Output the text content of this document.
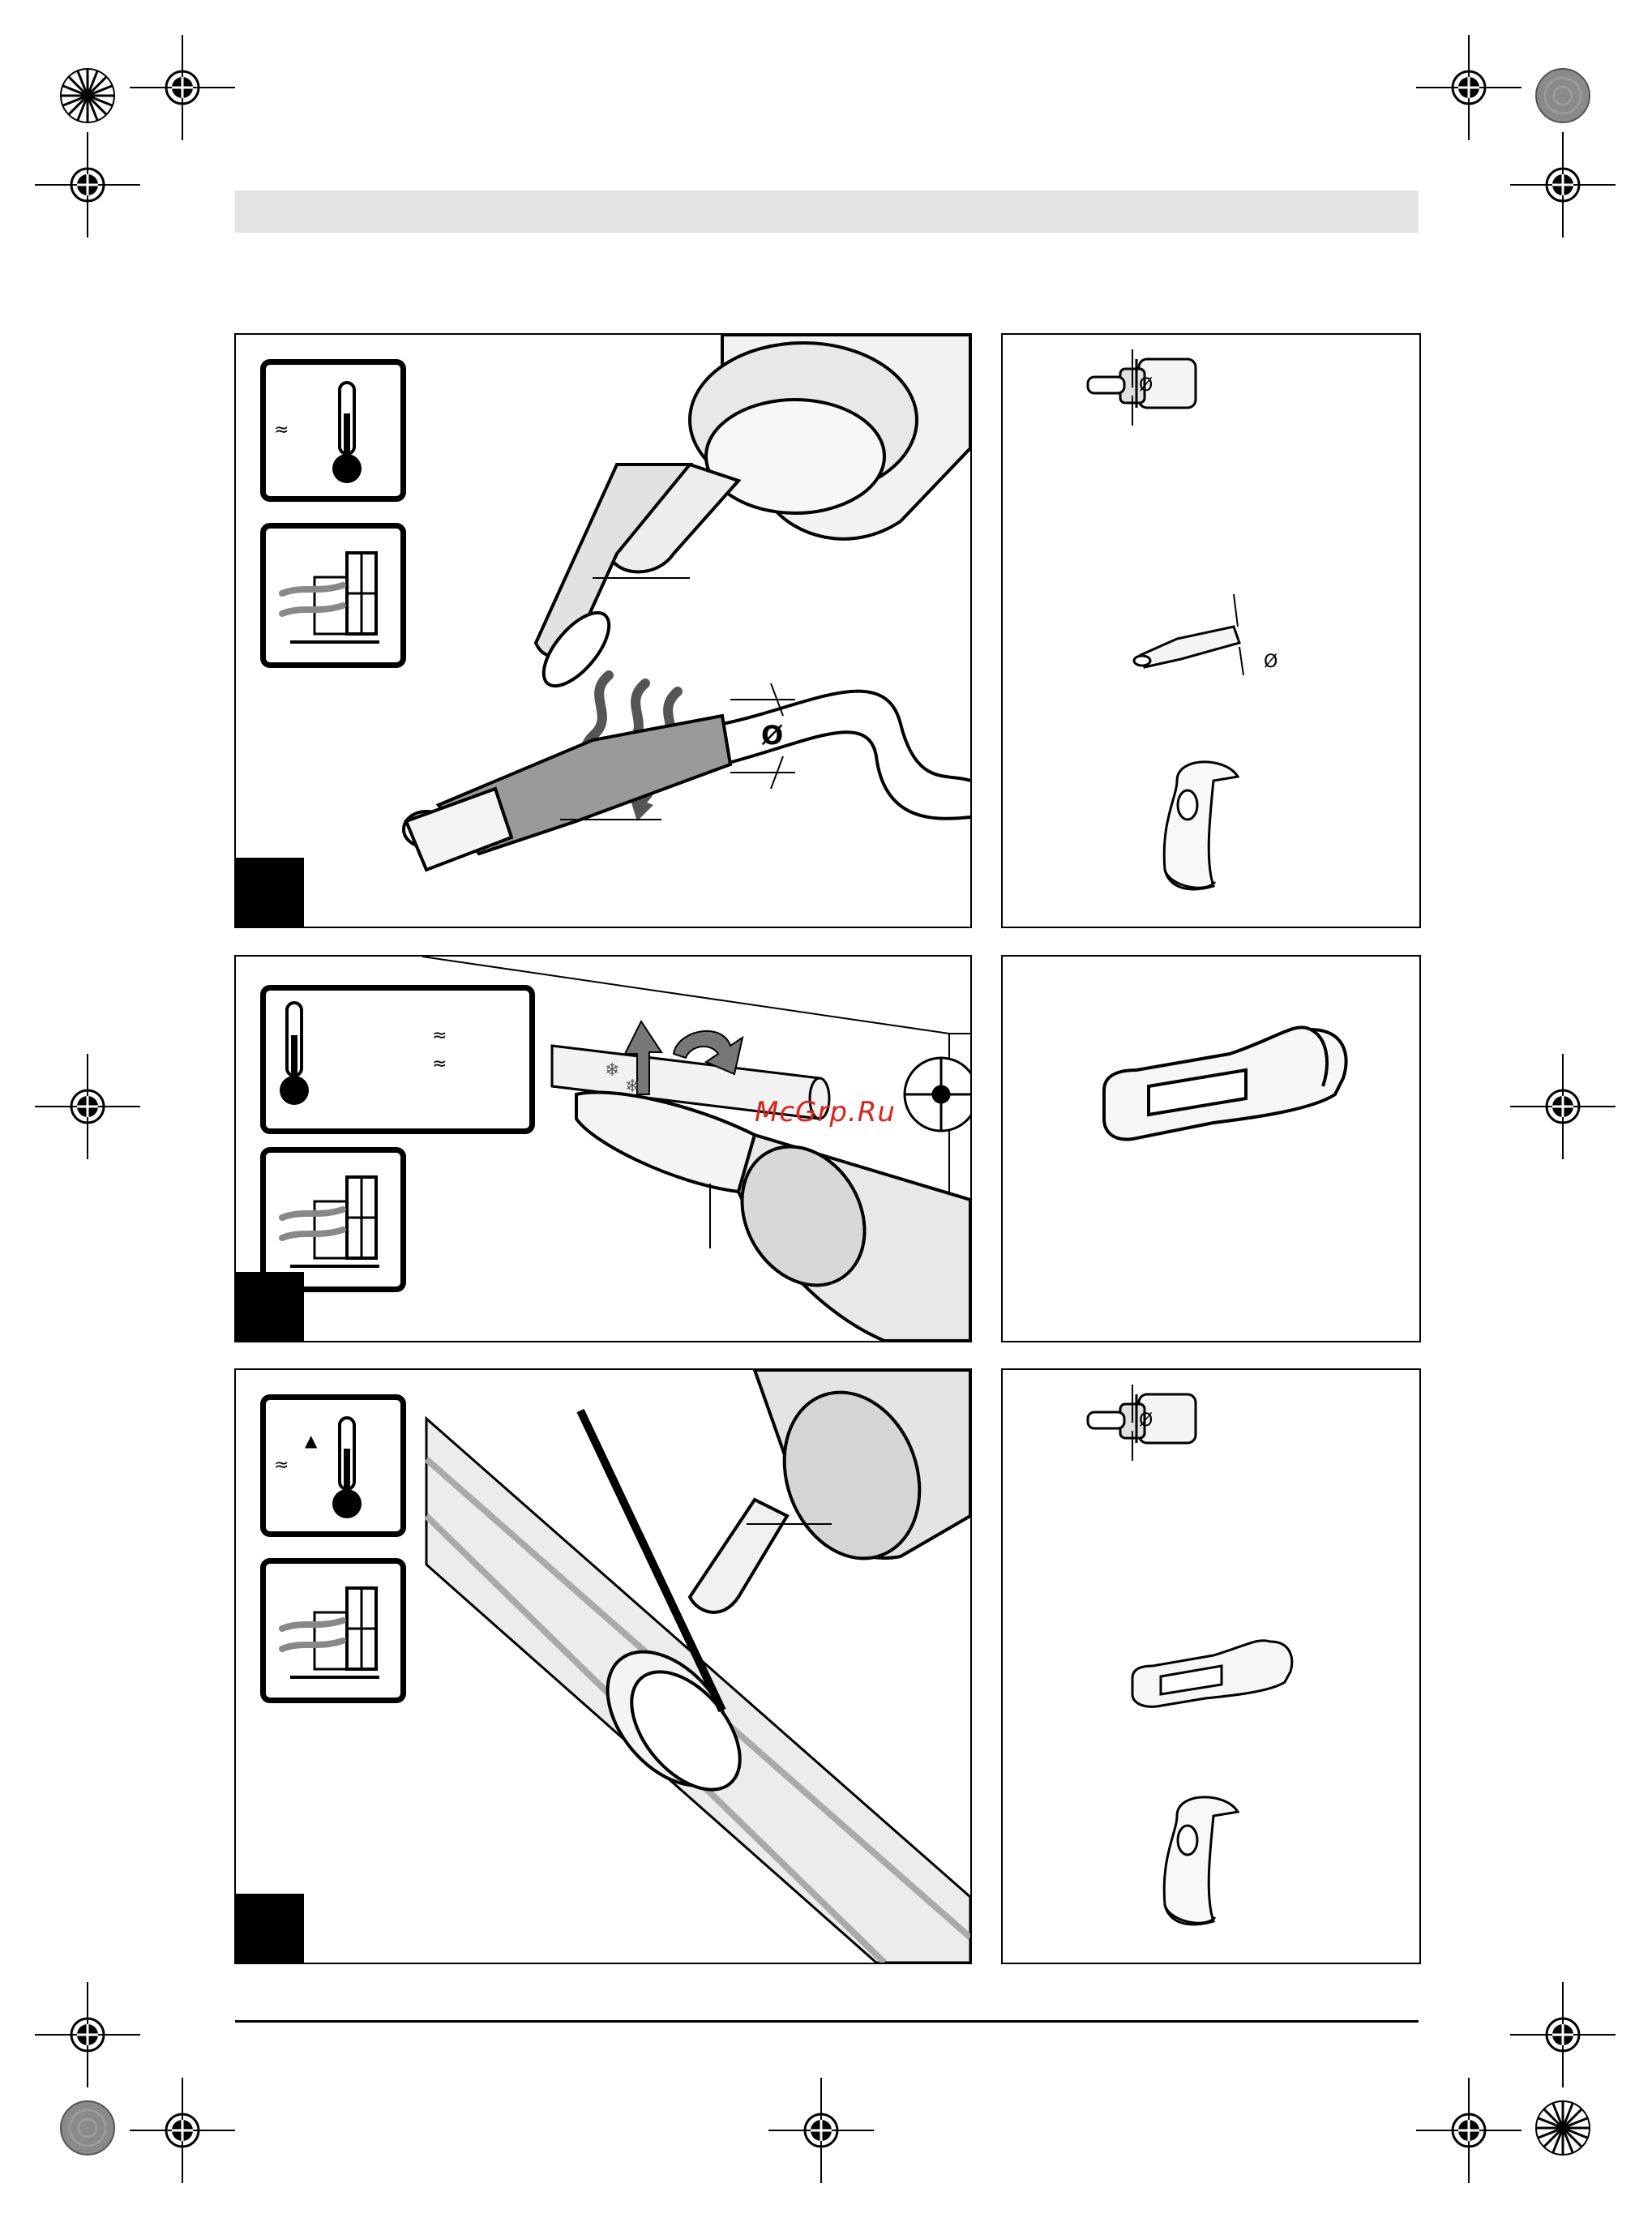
Ø
≈
Ø
Ø
❄
❄
McGrp.Ru
≈
≈
≈
▲
Ø
